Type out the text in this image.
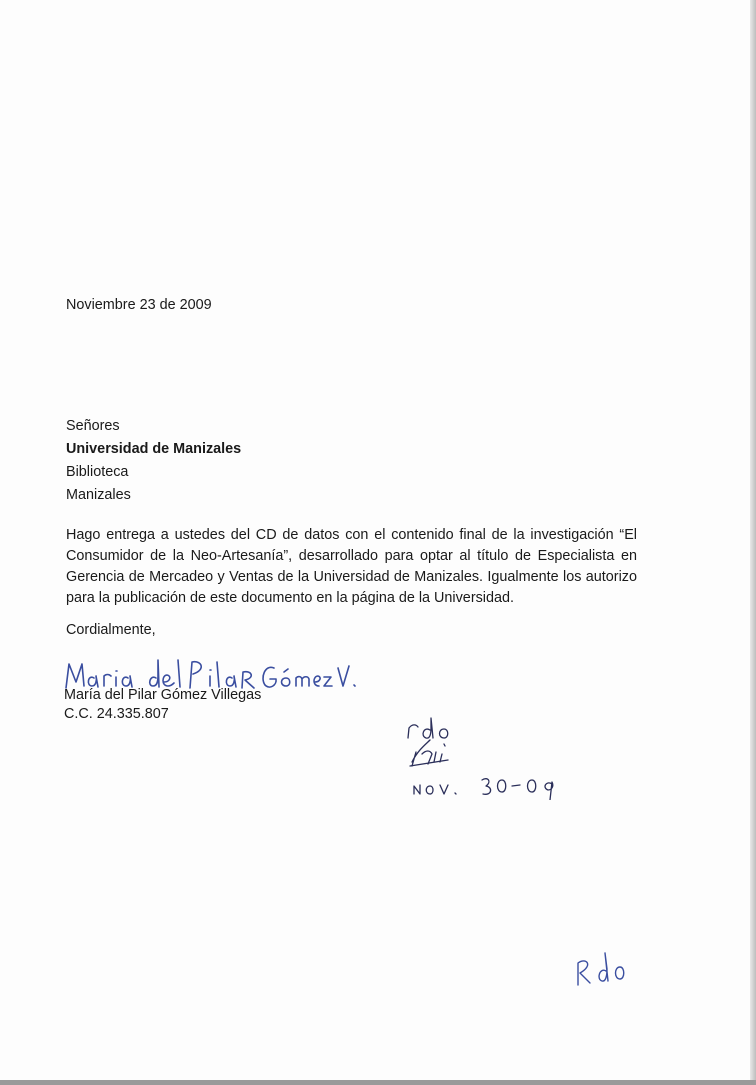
Noviembre 23 de 2009
Señores
Universidad de Manizales
Biblioteca
Manizales
Hago entrega a ustedes del CD de datos con el contenido final de la investigación “El Consumidor de la Neo-Artesanía”, desarrollado para optar al título de Especialista en Gerencia de Mercadeo y Ventas de la Universidad de Manizales. Igualmente los autorizo para la publicación de este documento en la página de la Universidad.
Cordialmente,
María del Pilar Gómez Villegas
C.C. 24.335.807
